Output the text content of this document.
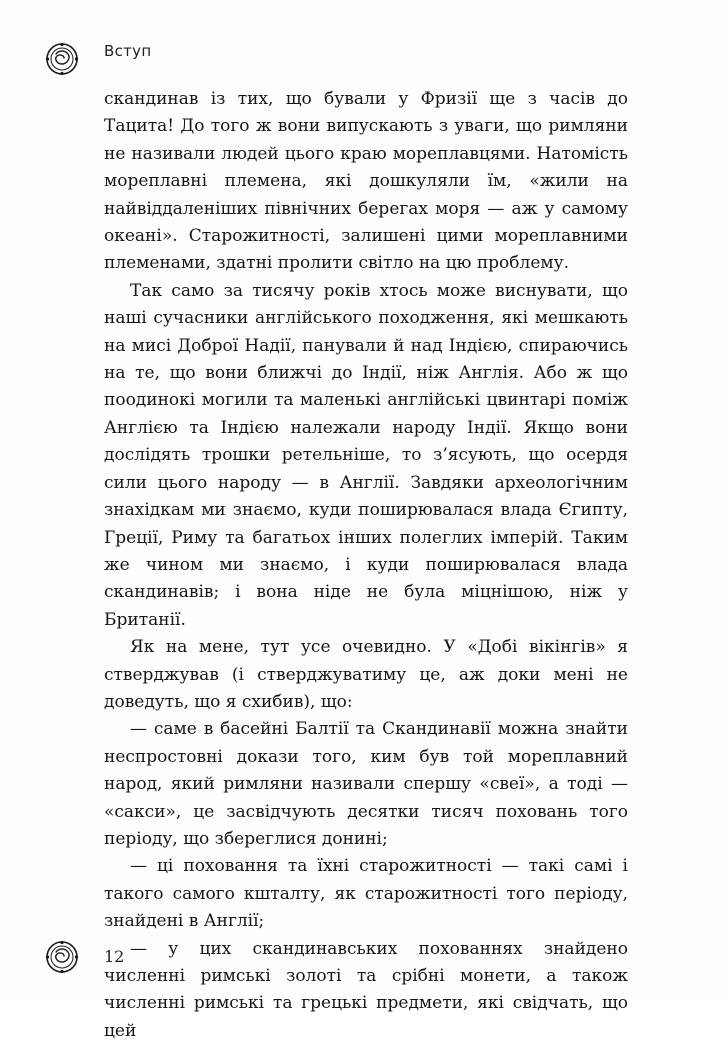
Вступ

скандинав із тих, що бували у Фризії ще з часів до Тацита! До того ж вони випускають з уваги, що римляни не називали людей цього краю мореплавцями. Натомість мореплавні племена, які дошкуляли їм, «жили на найвіддаленіших північних берегах моря — аж у самому океані». Старожитності, залишені цими мореплавними племенами, здатні пролити світло на цю проблему.

Так само за тисячу років хтось може виснувати, що наші сучасники англійського походження, які мешкають на мисі Доброї Надії, панували й над Індією, спираючись на те, що вони ближчі до Індії, ніж Англія. Або ж що поодинокі могили та маленькі англійські цвинтарі поміж Англією та Індією належали народу Індії. Якщо вони дослідять трошки ретельніше, то з’ясують, що осердя сили цього народу — в Англії. Завдяки археологічним знахідкам ми знаємо, куди поширювалася влада Єгипту, Греції, Риму та багатьох інших полеглих імперій. Таким же чином ми знаємо, і куди поширювалася влада скандинавів; і вона ніде не була міцнішою, ніж у Британії.

Як на мене, тут усе очевидно. У «Добі вікінгів» я стверджував (і стверджуватиму це, аж доки мені не доведуть, що я схибив), що:

— саме в басейні Балтії та Скандинавії можна знайти неспростовні докази того, ким був той мореплавний народ, який римляни називали спершу «свеї», а тоді — «сакси», це засвідчують десятки тисяч поховань того періоду, що збереглися донині;

— ці поховання та їхні старожитності — такі самі і такого самого кшталту, як старожитності того періоду, знайдені в Англії;

— у цих скандинавських похованнях знайдено численні римські золоті та срібні монети, а також численні римські та грецькі предмети, які свідчать, що цей

12
